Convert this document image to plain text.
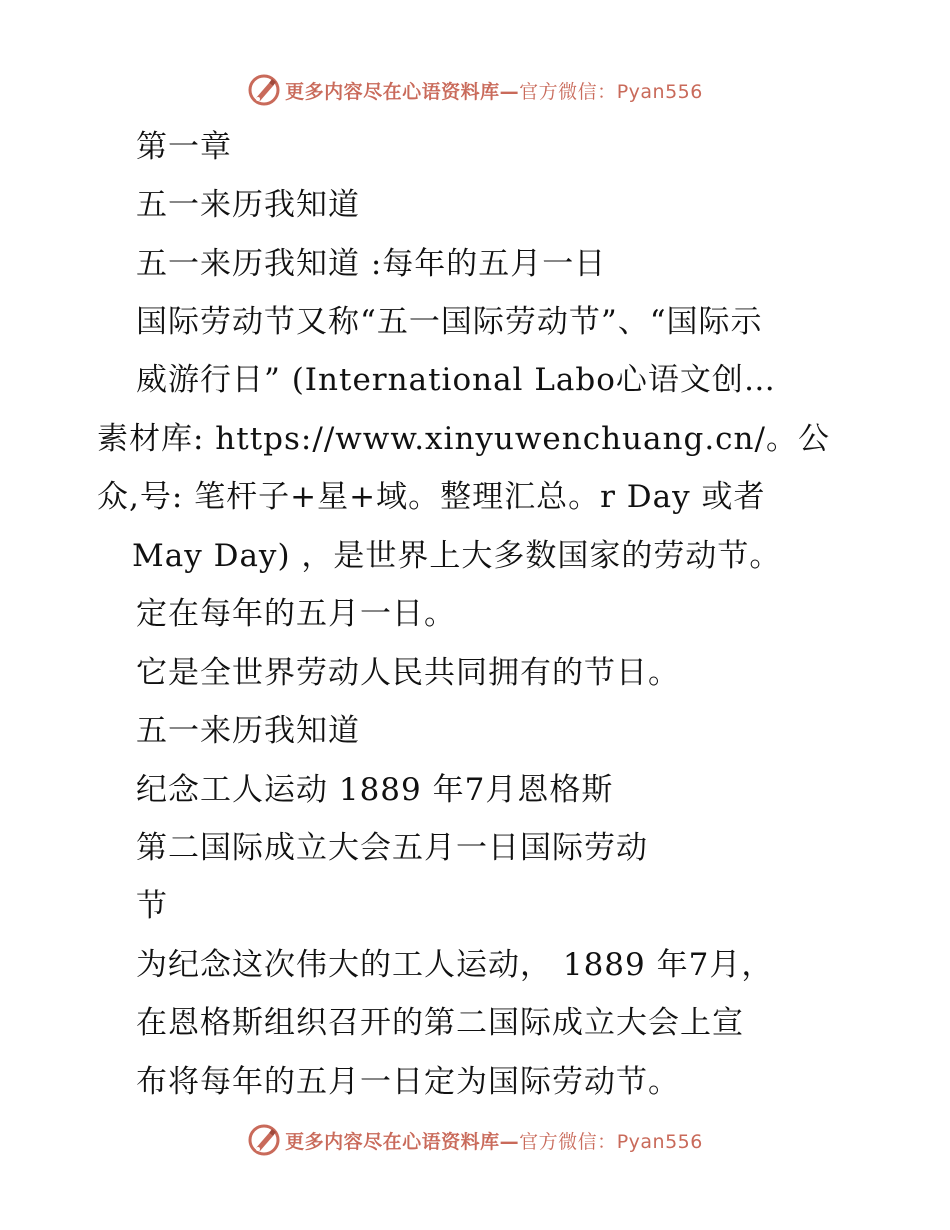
更多内容尽在心语资料库—官方微信：Pyan556
第一章
五一来历我知道
五一来历我知道 :每年的五月一日
国际劳动节又称“五一国际劳动节”、“国际示
威游行日” (International Labo心语文创…
素材库: https://www.xinyuwenchuang.cn/。公
众,号: 笔杆子+星+域。整理汇总。r Day 或者
May Day) ，是世界上大多数国家的劳动节。
定在每年的五月一日。
它是全世界劳动人民共同拥有的节日。
五一来历我知道
纪念工人运动 1889 年7月恩格斯
第二国际成立大会五月一日国际劳动
节
为纪念这次伟大的工人运动， 1889 年7月，
在恩格斯组织召开的第二国际成立大会上宣
布将每年的五月一日定为国际劳动节。
更多内容尽在心语资料库—官方微信：Pyan556
